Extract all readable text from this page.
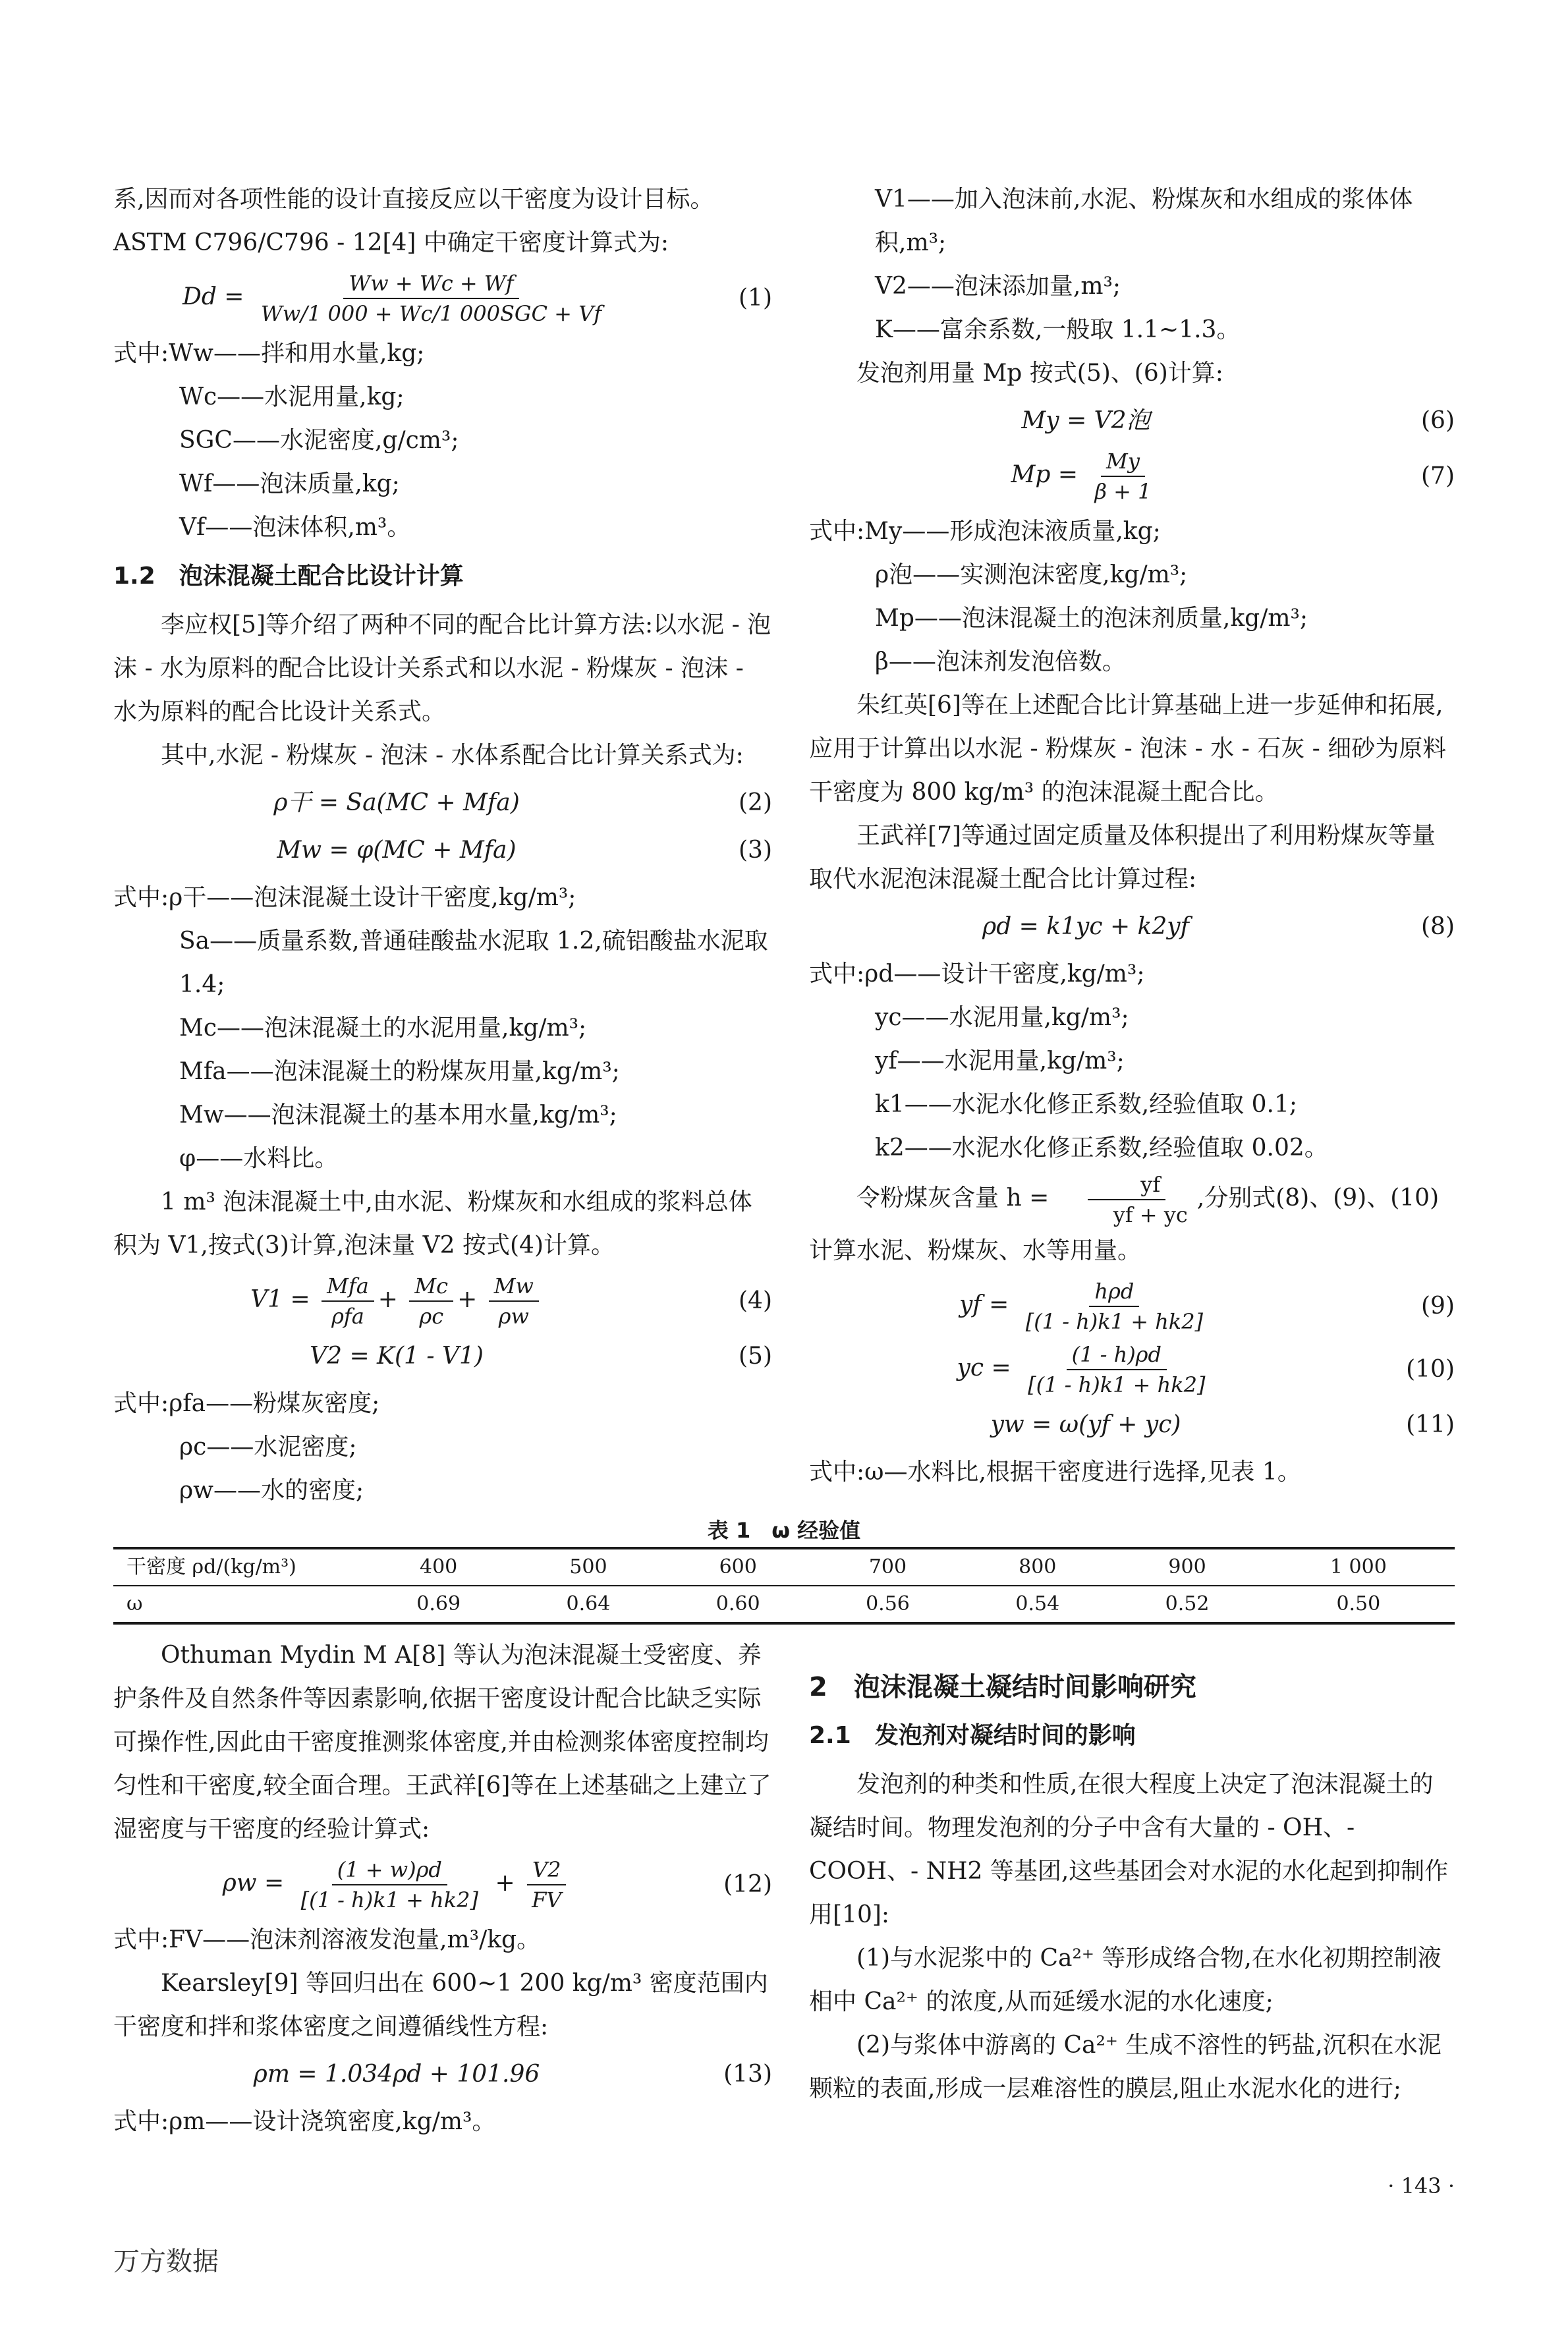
系,因而对各项性能的设计直接反应以干密度为设计目标。ASTM C796/C796 - 12[4] 中确定干密度计算式为:

$Dd = \frac{Ww + Wc + Wf}{\text{Ww/1 000 + Wc/1 000SGC + Vf}}$	(1)

式中:Ww——拌和用水量,kg;

Wc——水泥用量,kg;

SGC——水泥密度,g/cm³;

Wf——泡沫质量,kg;

Vf——泡沫体积,m³。

1.2　泡沫混凝土配合比设计计算

李应权[5]等介绍了两种不同的配合比计算方法:以水泥 - 泡沫 - 水为原料的配合比设计关系式和以水泥 - 粉煤灰 - 泡沫 - 水为原料的配合比设计关系式。

其中,水泥 - 粉煤灰 - 泡沫 - 水体系配合比计算关系式为:

ρ干 = Sa(MC + Mfa)	(2)
Mw = φ(MC + Mfa)	(3)

式中:ρ干——泡沫混凝土设计干密度,kg/m³;

Sa——质量系数,普通硅酸盐水泥取 1.2,硫铝酸盐水泥取 1.4;

Mc——泡沫混凝土的水泥用量,kg/m³;

Mfa——泡沫混凝土的粉煤灰用量,kg/m³;

Mw——泡沫混凝土的基本用水量,kg/m³;

φ——水料比。

1 m³ 泡沫混凝土中,由水泥、粉煤灰和水组成的浆料总体积为 V1,按式(3)计算,泡沫量 V2 按式(4)计算。

$V1 = \frac{\text{Mfa}}{\text{ρfa}} + \frac{Mc}{\rho c} + \frac{Mw}{\rho w}$	(4)
V2 = K(1 - V1)	(5)

式中:ρfa——粉煤灰密度;

ρc——水泥密度;

ρw——水的密度;

V1——加入泡沫前,水泥、粉煤灰和水组成的浆体体积,m³;

V2——泡沫添加量,m³;

K——富余系数,一般取 1.1~1.3。

发泡剂用量 Mp 按式(5)、(6)计算:

My = V2泡	(6)
$Mp = \frac{My}{\beta + 1}$	(7)

式中:My——形成泡沫液质量,kg;

ρ泡——实测泡沫密度,kg/m³;

Mp——泡沫混凝土的泡沫剂质量,kg/m³;

β——泡沫剂发泡倍数。

朱红英[6]等在上述配合比计算基础上进一步延伸和拓展,应用于计算出以水泥 - 粉煤灰 - 泡沫 - 水 - 石灰 - 细砂为原料干密度为 800 kg/m³ 的泡沫混凝土配合比。

王武祥[7]等通过固定质量及体积提出了利用粉煤灰等量取代水泥泡沫混凝土配合比计算过程:

ρd = k1yc + k2yf	(8)

式中:ρd——设计干密度,kg/m³;

yc——水泥用量,kg/m³;

yf——水泥用量,kg/m³;

k1——水泥水化修正系数,经验值取 0.1;

k2——水泥水化修正系数,经验值取 0.02。

令粉煤灰含量 $h = \frac{yf}{yf + yc}$ ,分别式(8)、(9)、(10)计算水泥、粉煤灰、水等用量。

yf = $\frac{\text{hρd}}{[(1 - h)k1 + hk2]}$	(9)
yc = $\frac{(1 - h)\rho d}{[(1 - h)k1 + hk2]}$	(10)
yw = ω(yf + yc)	(11)

式中:ω—水料比,根据干密度进行选择,见表 1。

表 1　ω 经验值
干密度 ρd/(kg/m³)	400	500	600	700	800	900	1 000
ω	0.69	0.64	0.60	0.56	0.54	0.52	0.50

Othuman Mydin M A[8] 等认为泡沫混凝土受密度、养护条件及自然条件等因素影响,依据干密度设计配合比缺乏实际可操作性,因此由干密度推测浆体密度,并由检测浆体密度控制均匀性和干密度,较全面合理。王武祥[6]等在上述基础之上建立了湿密度与干密度的经验计算式:

$\rho w = \frac{(1 + w)\rho d}{[(1 - h)k1 + hk2]} + \frac{V2}{FV}$	(12)

式中:FV——泡沫剂溶液发泡量,m³/kg。

Kearsley[9] 等回归出在 600~1 200 kg/m³ 密度范围内干密度和拌和浆体密度之间遵循线性方程:

ρm = 1.034ρd + 101.96	(13)

式中:ρm——设计浇筑密度,kg/m³。

2　泡沫混凝土凝结时间影响研究

2.1　发泡剂对凝结时间的影响

发泡剂的种类和性质,在很大程度上决定了泡沫混凝土的凝结时间。物理发泡剂的分子中含有大量的 - OH、- COOH、- NH2 等基团,这些基团会对水泥的水化起到抑制作用[10]:

(1)与水泥浆中的 Ca²⁺ 等形成络合物,在水化初期控制液相中 Ca²⁺ 的浓度,从而延缓水泥的水化速度;

(2)与浆体中游离的 Ca²⁺ 生成不溶性的钙盐,沉积在水泥颗粒的表面,形成一层难溶性的膜层,阻止水泥水化的进行;

· 143 ·
万方数据
